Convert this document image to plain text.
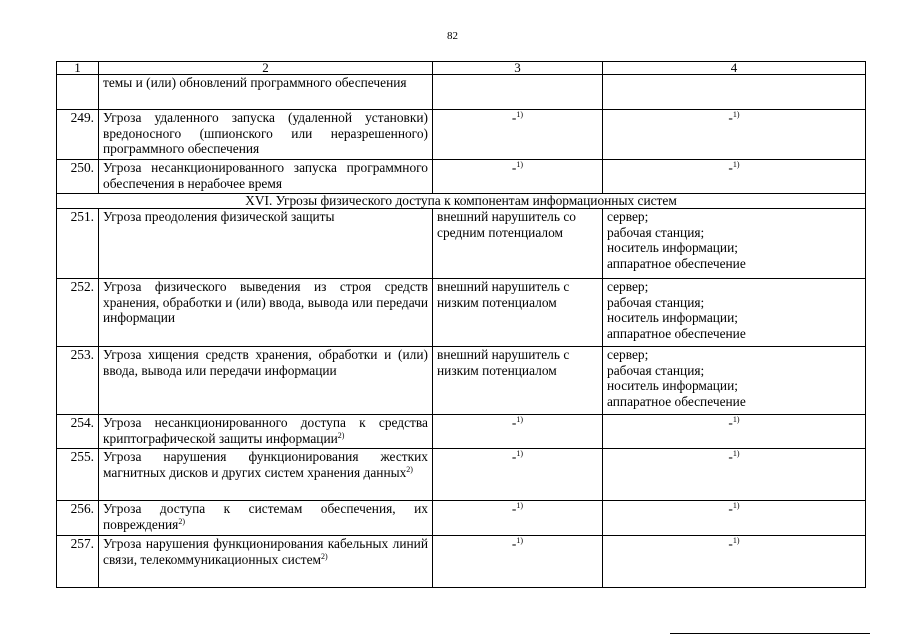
82
1	2	3	4
	темы и (или) обновлений программного обеспечения		
249.	Угроза удаленного запуска (удаленной установки) вредоносного (шпионского или неразрешенного) программного обеспечения	-$^{1)}$	-$^{1)}$
250.	Угроза несанкционированного запуска программного обеспечения в нерабочее время	-$^{1)}$	-$^{1)}$
XVI. Угрозы физического доступа к компонентам информационных систем			
251.	Угроза преодоления физической защиты	внешний нарушитель со средним потенциалом	сервер;
рабочая станция;
носитель информации;
аппаратное обеспечение

252.	Угроза физического выведения из строя средств хранения, обработки и (или) ввода, вывода или передачи информации	внешний нарушитель с низким потенциалом	сервер;
рабочая станция;
носитель информации;
аппаратное обеспечение

253.	Угроза хищения средств хранения, обработки и (или) ввода, вывода или передачи информации	внешний нарушитель с низким потенциалом	сервер;
рабочая станция;
носитель информации;
аппаратное обеспечение

254.	Угроза несанкционированного доступа к средства криптографической защиты информации$^{2)}$	-$^{1)}$	-$^{1)}$
255.	Угроза нарушения функционирования жестких магнитных дисков и других систем хранения данных$^{2)}$	-$^{1)}$	-$^{1)}$
256.	Угроза доступа к системам обеспечения, их повреждения$^{2)}$	-$^{1)}$	-$^{1)}$
257.	Угроза нарушения функционирования кабельных линий связи, телекоммуникационных систем$^{2)}$	-$^{1)}$	-$^{1)}$
